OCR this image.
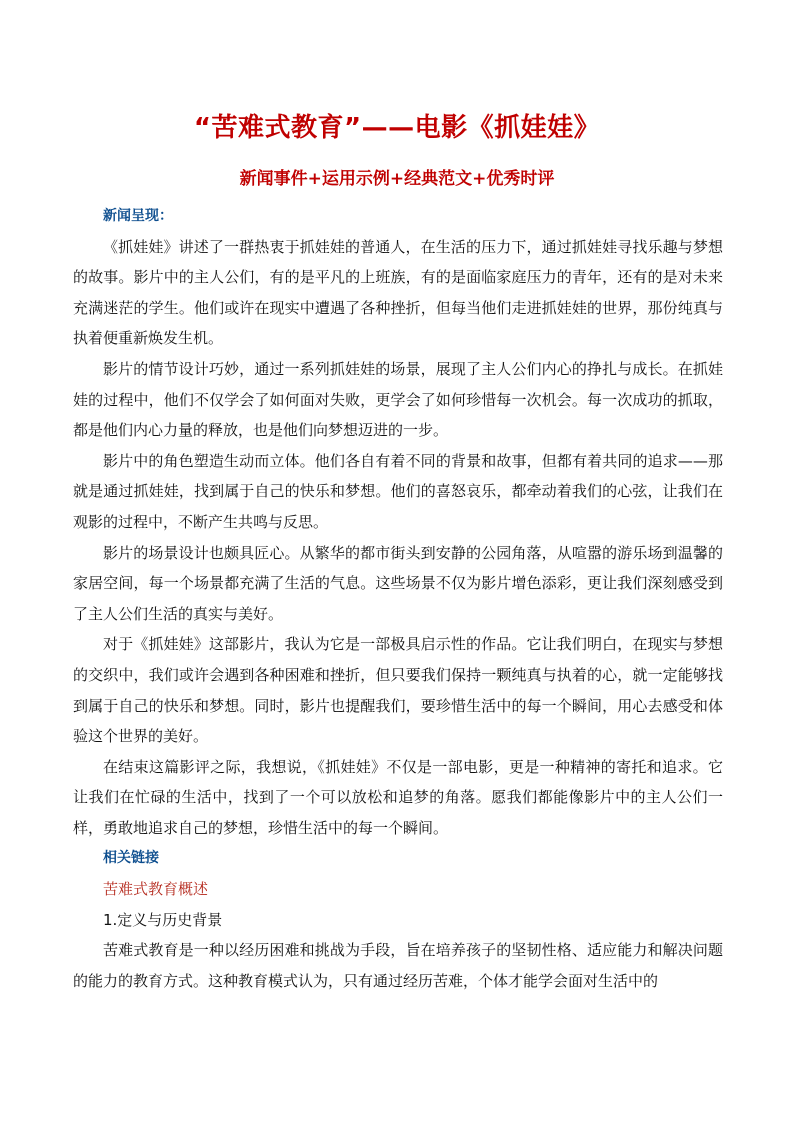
“苦难式教育”——电影《抓娃娃》
新闻事件+运用示例+经典范文+优秀时评

新闻呈现：

《抓娃娃》讲述了一群热衷于抓娃娃的普通人，在生活的压力下，通过抓娃娃寻找乐趣与梦想的故事。影片中的主人公们，有的是平凡的上班族，有的是面临家庭压力的青年，还有的是对未来充满迷茫的学生。他们或许在现实中遭遇了各种挫折，但每当他们走进抓娃娃的世界，那份纯真与执着便重新焕发生机。

影片的情节设计巧妙，通过一系列抓娃娃的场景，展现了主人公们内心的挣扎与成长。在抓娃娃的过程中，他们不仅学会了如何面对失败，更学会了如何珍惜每一次机会。每一次成功的抓取，都是他们内心力量的释放，也是他们向梦想迈进的一步。

影片中的角色塑造生动而立体。他们各自有着不同的背景和故事，但都有着共同的追求——那就是通过抓娃娃，找到属于自己的快乐和梦想。他们的喜怒哀乐，都牵动着我们的心弦，让我们在观影的过程中，不断产生共鸣与反思。

影片的场景设计也颇具匠心。从繁华的都市街头到安静的公园角落，从喧嚣的游乐场到温馨的家居空间，每一个场景都充满了生活的气息。这些场景不仅为影片增色添彩，更让我们深刻感受到了主人公们生活的真实与美好。

对于《抓娃娃》这部影片，我认为它是一部极具启示性的作品。它让我们明白，在现实与梦想的交织中，我们或许会遇到各种困难和挫折，但只要我们保持一颗纯真与执着的心，就一定能够找到属于自己的快乐和梦想。同时，影片也提醒我们，要珍惜生活中的每一个瞬间，用心去感受和体验这个世界的美好。

在结束这篇影评之际，我想说，《抓娃娃》不仅是一部电影，更是一种精神的寄托和追求。它让我们在忙碌的生活中，找到了一个可以放松和追梦的角落。愿我们都能像影片中的主人公们一样，勇敢地追求自己的梦想，珍惜生活中的每一个瞬间。

相关链接

苦难式教育概述

1.定义与历史背景

苦难式教育是一种以经历困难和挑战为手段，旨在培养孩子的坚韧性格、适应能力和解决问题的能力的教育方式。这种教育模式认为，只有通过经历苦难，个体才能学会面对生活中的
